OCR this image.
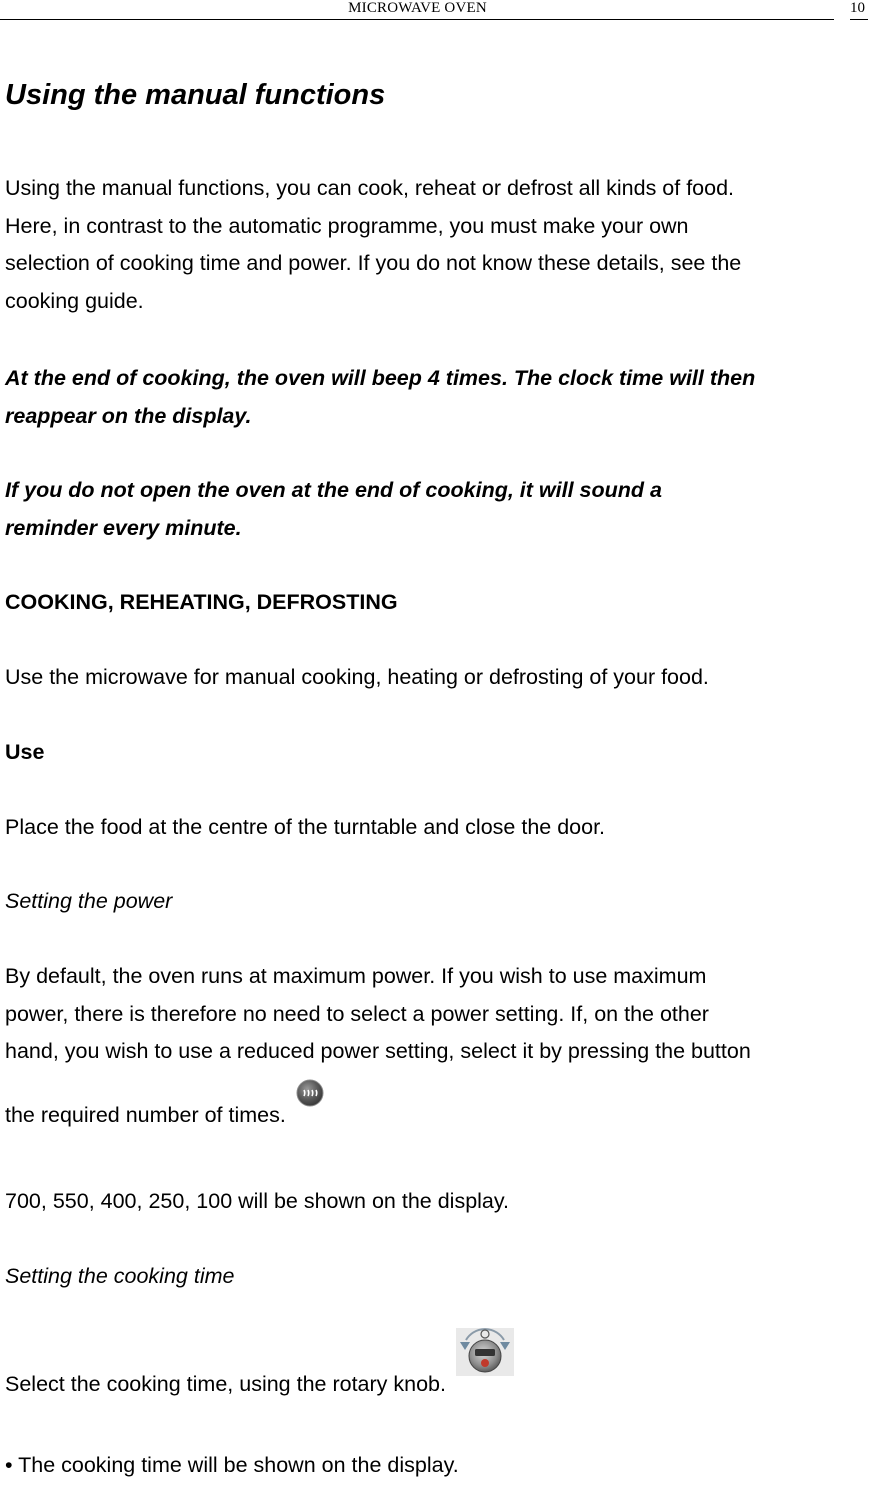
MICROWAVE OVEN	10
Using the manual functions
Using the manual functions, you can cook, reheat or defrost all kinds of food.
Here, in contrast to the automatic programme, you must make your own
selection of cooking time and power. If you do not know these details, see the
cooking guide.
At the end of cooking, the oven will beep 4 times. The clock time will then
reappear on the display.
If you do not open the oven at the end of cooking, it will sound a
reminder every minute.
COOKING, REHEATING, DEFROSTING
Use the microwave for manual cooking, heating or defrosting of your food.
Use
Place the food at the centre of the turntable and close the door.
Setting the power
By default, the oven runs at maximum power. If you wish to use maximum
power, there is therefore no need to select a power setting. If, on the other
hand, you wish to use a reduced power setting, select it by pressing the button
the required number of times.
700, 550, 400, 250, 100 will be shown on the display.
Setting the cooking time
Select the cooking time, using the rotary knob.
• The cooking time will be shown on the display.
